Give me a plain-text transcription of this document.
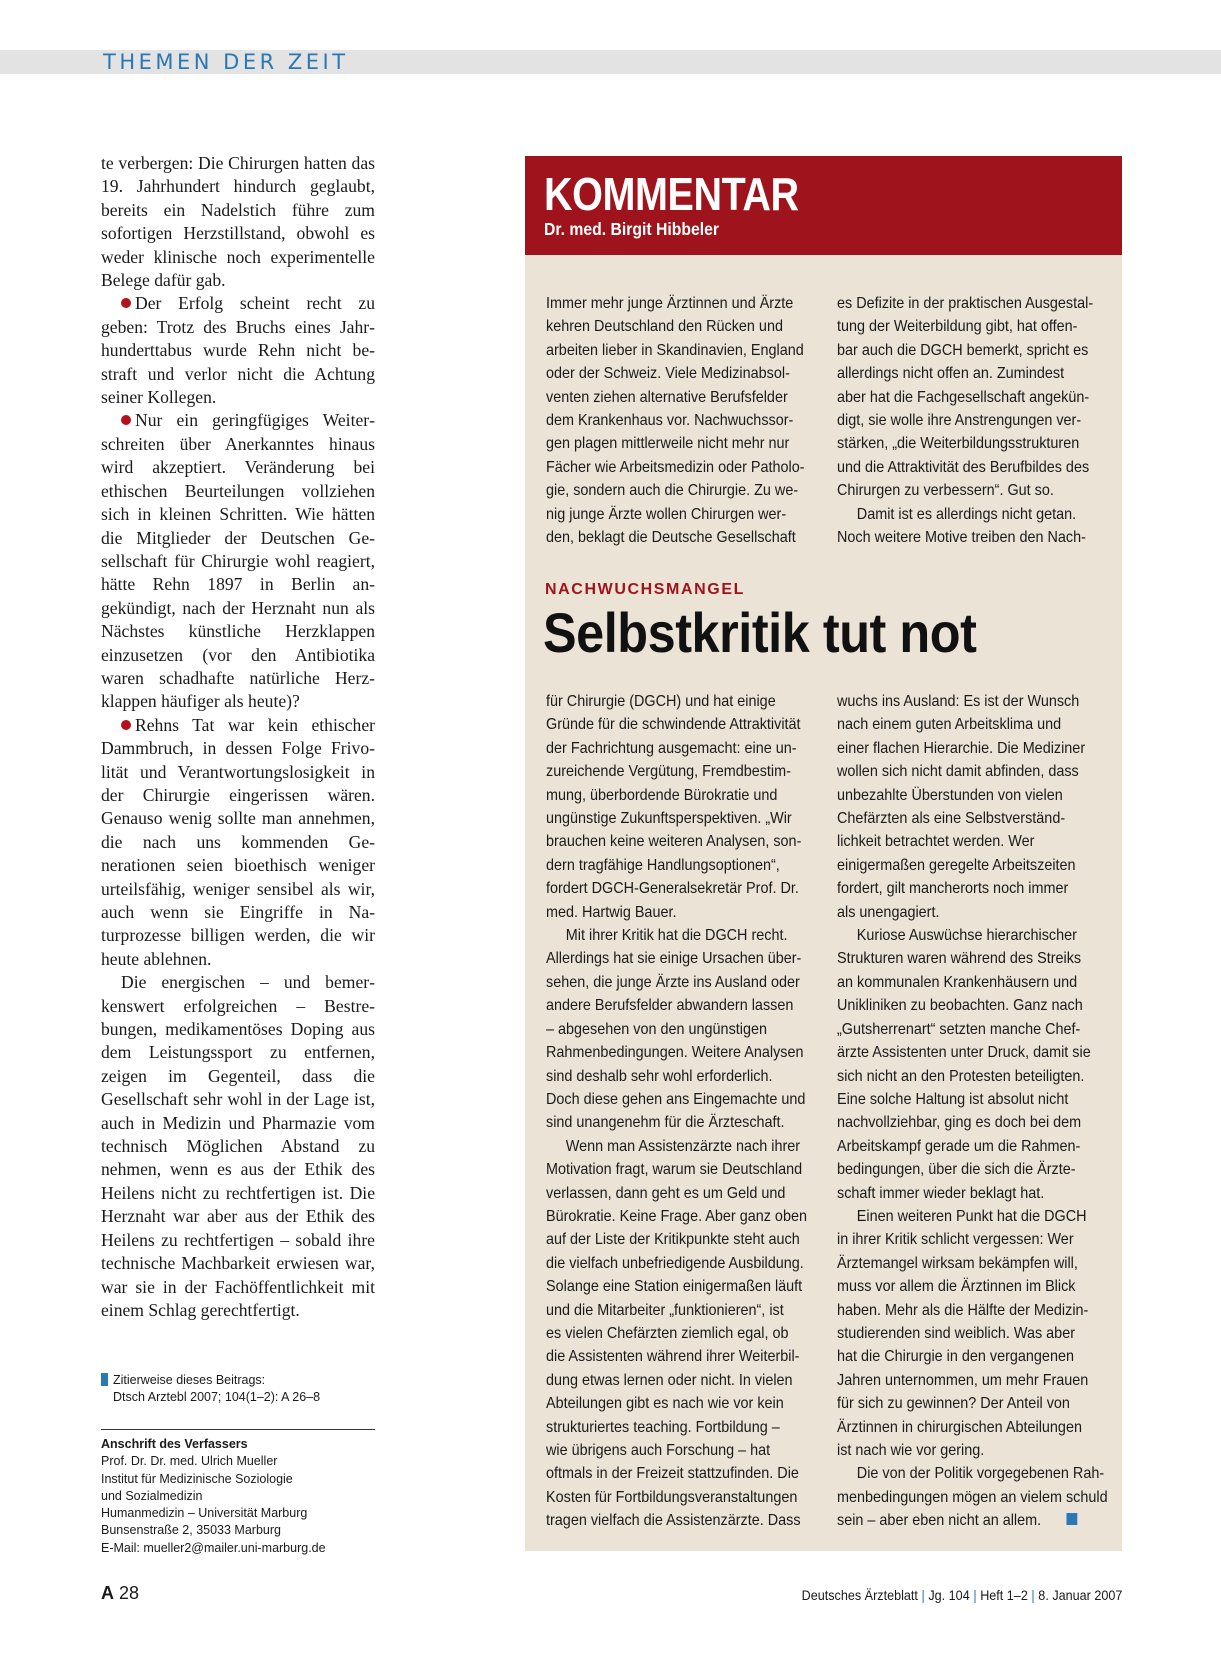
THEMEN DER ZEIT

te verbergen: Die Chirurgen hatten das 19. Jahrhundert hindurch geglaubt, bereits ein Nadelstich führe zum sofortigen Herzstillstand, obwohl es weder klinische noch experimentelle Belege dafür gab.

Der Erfolg scheint recht zu geben: Trotz des Bruchs eines Jahrhunderttabus wurde Rehn nicht bestraft und verlor nicht die Achtung seiner Kollegen.

Nur ein geringfügiges Weiterschreiten über Anerkanntes hinaus wird akzeptiert. Veränderung bei ethischen Beurteilungen vollziehen sich in kleinen Schritten. Wie hätten die Mitglieder der Deutschen Gesellschaft für Chirurgie wohl reagiert, hätte Rehn 1897 in Berlin angekündigt, nach der Herznaht nun als Nächstes künstliche Herzklappen einzusetzen (vor den Antibiotika waren schadhafte natürliche Herzklappen häufiger als heute)?

Rehns Tat war kein ethischer Dammbruch, in dessen Folge Frivolität und Verantwortungslosigkeit in der Chirurgie eingerissen wären. Genauso wenig sollte man annehmen, die nach uns kommenden Generationen seien bioethisch weniger urteilsfähig, weniger sensibel als wir, auch wenn sie Eingriffe in Naturprozesse billigen werden, die wir heute ablehnen.

Die energischen – und bemerkenswert erfolgreichen – Bestrebungen, medikamentöses Doping aus dem Leistungssport zu entfernen, zeigen im Gegenteil, dass die Gesellschaft sehr wohl in der Lage ist, auch in Medizin und Pharmazie vom technisch Möglichen Abstand zu nehmen, wenn es aus der Ethik des Heilens nicht zu rechtfertigen ist. Die Herznaht war aber aus der Ethik des Heilens zu rechtfertigen – sobald ihre technische Machbarkeit erwiesen war, war sie in der Fachöffentlichkeit mit einem Schlag gerechtfertigt.

Zitierweise dieses Beitrags:
Dtsch Arztebl 2007; 104(1–2): A 26–8
Anschrift des Verfassers
Prof. Dr. Dr. med. Ulrich Mueller
Institut für Medizinische Soziologie
und Sozialmedizin
Humanmedizin – Universität Marburg
Bunsenstraße 2, 35033 Marburg
E-Mail: mueller2@mailer.uni-marburg.de
KOMMENTAR
Dr. med. Birgit Hibbeler
Immer mehr junge Ärztinnen und Ärzte
kehren Deutschland den Rücken und
arbeiten lieber in Skandinavien, England
oder der Schweiz. Viele Medizinabsol-
venten ziehen alternative Berufsfelder
dem Krankenhaus vor. Nachwuchssor-
gen plagen mittlerweile nicht mehr nur
Fächer wie Arbeitsmedizin oder Patholo-
gie, sondern auch die Chirurgie. Zu we-
nig junge Ärzte wollen Chirurgen wer-
den, beklagt die Deutsche Gesellschaft
es Defizite in der praktischen Ausgestal-
tung der Weiterbildung gibt, hat offen-
bar auch die DGCH bemerkt, spricht es
allerdings nicht offen an. Zumindest
aber hat die Fachgesellschaft angekün-
digt, sie wolle ihre Anstrengungen ver-
stärken, „die Weiterbildungsstrukturen
und die Attraktivität des Berufbildes des
Chirurgen zu verbessern“. Gut so.
Damit ist es allerdings nicht getan.
Noch weitere Motive treiben den Nach-
NACHWUCHSMANGEL
Selbstkritik tut not
für Chirurgie (DGCH) und hat einige
Gründe für die schwindende Attraktivität
der Fachrichtung ausgemacht: eine un-
zureichende Vergütung, Fremdbestim-
mung, überbordende Bürokratie und
ungünstige Zukunftsperspektiven. „Wir
brauchen keine weiteren Analysen, son-
dern tragfähige Handlungsoptionen“,
fordert DGCH-Generalsekretär Prof. Dr.
med. Hartwig Bauer.
Mit ihrer Kritik hat die DGCH recht.
Allerdings hat sie einige Ursachen über-
sehen, die junge Ärzte ins Ausland oder
andere Berufsfelder abwandern lassen
– abgesehen von den ungünstigen
Rahmenbedingungen. Weitere Analysen
sind deshalb sehr wohl erforderlich.
Doch diese gehen ans Eingemachte und
sind unangenehm für die Ärzteschaft.
Wenn man Assistenzärzte nach ihrer
Motivation fragt, warum sie Deutschland
verlassen, dann geht es um Geld und
Bürokratie. Keine Frage. Aber ganz oben
auf der Liste der Kritikpunkte steht auch
die vielfach unbefriedigende Ausbildung.
Solange eine Station einigermaßen läuft
und die Mitarbeiter „funktionieren“, ist
es vielen Chefärzten ziemlich egal, ob
die Assistenten während ihrer Weiterbil-
dung etwas lernen oder nicht. In vielen
Abteilungen gibt es nach wie vor kein
strukturiertes teaching. Fortbildung –
wie übrigens auch Forschung – hat
oftmals in der Freizeit stattzufinden. Die
Kosten für Fortbildungsveranstaltungen
tragen vielfach die Assistenzärzte. Dass
wuchs ins Ausland: Es ist der Wunsch
nach einem guten Arbeitsklima und
einer flachen Hierarchie. Die Mediziner
wollen sich nicht damit abfinden, dass
unbezahlte Überstunden von vielen
Chefärzten als eine Selbstverständ-
lichkeit betrachtet werden. Wer
einigermaßen geregelte Arbeitszeiten
fordert, gilt mancherorts noch immer
als unengagiert.
Kuriose Auswüchse hierarchischer
Strukturen waren während des Streiks
an kommunalen Krankenhäusern und
Unikliniken zu beobachten. Ganz nach
„Gutsherrenart“ setzten manche Chef-
ärzte Assistenten unter Druck, damit sie
sich nicht an den Protesten beteiligten.
Eine solche Haltung ist absolut nicht
nachvollziehbar, ging es doch bei dem
Arbeitskampf gerade um die Rahmen-
bedingungen, über die sich die Ärzte-
schaft immer wieder beklagt hat.
Einen weiteren Punkt hat die DGCH
in ihrer Kritik schlicht vergessen: Wer
Ärztemangel wirksam bekämpfen will,
muss vor allem die Ärztinnen im Blick
haben. Mehr als die Hälfte der Medizin-
studierenden sind weiblich. Was aber
hat die Chirurgie in den vergangenen
Jahren unternommen, um mehr Frauen
für sich zu gewinnen? Der Anteil von
Ärztinnen in chirurgischen Abteilungen
ist nach wie vor gering.
Die von der Politik vorgegebenen Rah-
menbedingungen mögen an vielem schuld
sein – aber eben nicht an allem.
A 28	Deutsches Ärzteblatt | Jg. 104 | Heft 1–2 | 8. Januar 2007
